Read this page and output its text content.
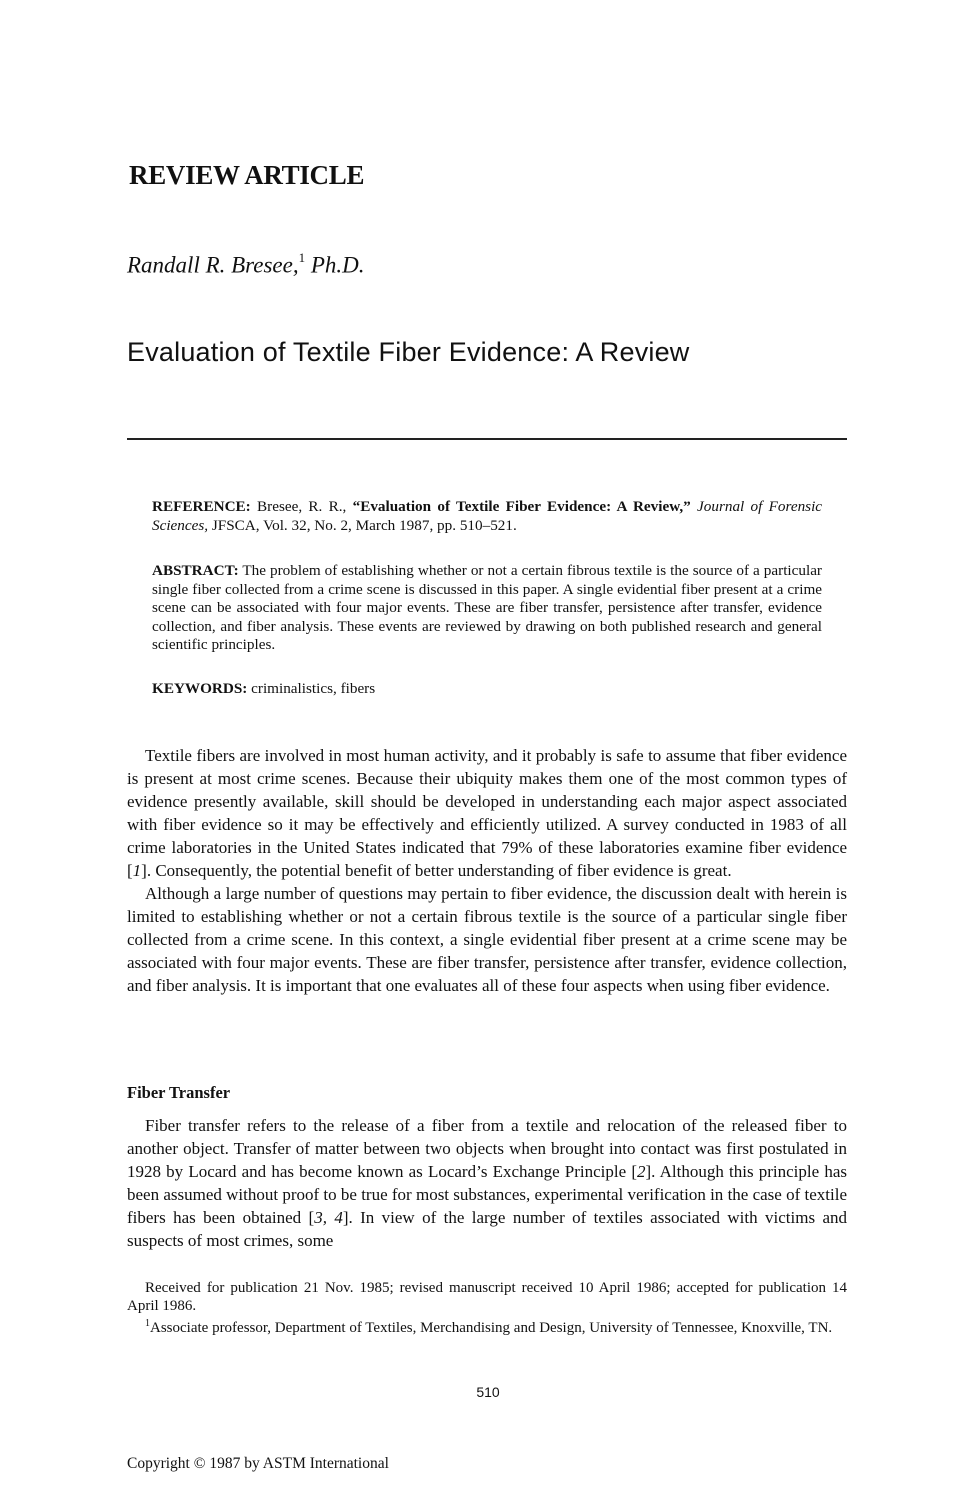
REVIEW ARTICLE
Randall R. Bresee,$^1$ Ph.D.
Evaluation of Textile Fiber Evidence: A Review
REFERENCE: Bresee, R. R., “Evaluation of Textile Fiber Evidence: A Review,” Journal of Forensic Sciences, JFSCA, Vol. 32, No. 2, March 1987, pp. 510–521.
ABSTRACT: The problem of establishing whether or not a certain fibrous textile is the source of a particular single fiber collected from a crime scene is discussed in this paper. A single evidential fiber present at a crime scene can be associated with four major events. These are fiber transfer, persistence after transfer, evidence collection, and fiber analysis. These events are reviewed by drawing on both published research and general scientific principles.
KEYWORDS: criminalistics, fibers

Textile fibers are involved in most human activity, and it probably is safe to assume that fiber evidence is present at most crime scenes. Because their ubiquity makes them one of the most common types of evidence presently available, skill should be developed in understanding each major aspect associated with fiber evidence so it may be effectively and efficiently utilized. A survey conducted in 1983 of all crime laboratories in the United States indicated that 79% of these laboratories examine fiber evidence [1]. Consequently, the potential benefit of better understanding of fiber evidence is great.

Although a large number of questions may pertain to fiber evidence, the discussion dealt with herein is limited to establishing whether or not a certain fibrous textile is the source of a particular single fiber collected from a crime scene. In this context, a single evidential fiber present at a crime scene may be associated with four major events. These are fiber transfer, persistence after transfer, evidence collection, and fiber analysis. It is important that one evaluates all of these four aspects when using fiber evidence.

Fiber Transfer

Fiber transfer refers to the release of a fiber from a textile and relocation of the released fiber to another object. Transfer of matter between two objects when brought into contact was first postulated in 1928 by Locard and has become known as Locard’s Exchange Principle [2]. Although this principle has been assumed without proof to be true for most substances, experimental verification in the case of textile fibers has been obtained [3, 4]. In view of the large number of textiles associated with victims and suspects of most crimes, some

Received for publication 21 Nov. 1985; revised manuscript received 10 April 1986; accepted for publication 14 April 1986.

$^1$Associate professor, Department of Textiles, Merchandising and Design, University of Tennessee, Knoxville, TN.

510
Copyright © 1987 by ASTM International
